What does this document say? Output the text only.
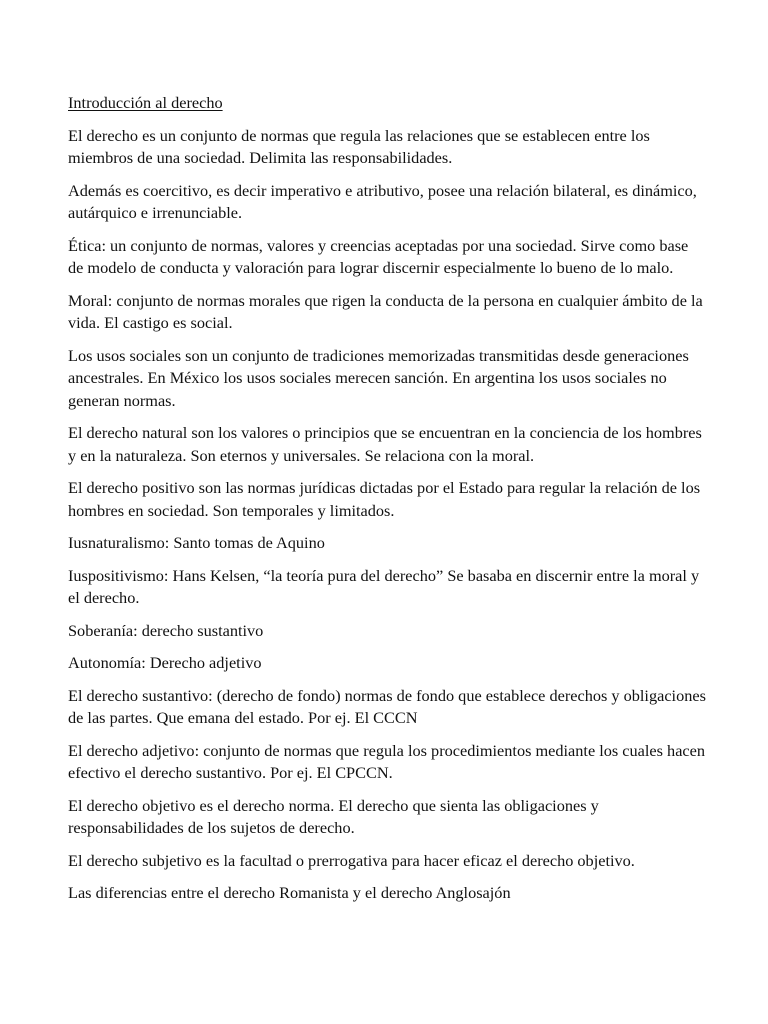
Introducción al derecho

El derecho es un conjunto de normas que regula las relaciones que se establecen entre los miembros de una sociedad. Delimita las responsabilidades.

Además es coercitivo, es decir imperativo e atributivo, posee una relación bilateral, es dinámico, autárquico e irrenunciable.

Ética: un conjunto de normas, valores y creencias aceptadas por una sociedad. Sirve como base de modelo de conducta y valoración para lograr discernir especialmente lo bueno de lo malo.

Moral: conjunto de normas morales que rigen la conducta de la persona en cualquier ámbito de la vida. El castigo es social.

Los usos sociales son un conjunto de tradiciones memorizadas transmitidas desde generaciones ancestrales. En México los usos sociales merecen sanción. En argentina los usos sociales no generan normas.

El derecho natural son los valores o principios que se encuentran en la conciencia de los hombres y en la naturaleza. Son eternos y universales. Se relaciona con la moral.

El derecho positivo son las normas jurídicas dictadas por el Estado para regular la relación de los hombres en sociedad. Son temporales y limitados.

Iusnaturalismo: Santo tomas de Aquino

Iuspositivismo: Hans Kelsen, “la teoría pura del derecho” Se basaba en discernir entre la moral y el derecho.

Soberanía: derecho sustantivo

Autonomía: Derecho adjetivo

El derecho sustantivo: (derecho de fondo) normas de fondo que establece derechos y obligaciones de las partes. Que emana del estado. Por ej. El CCCN

El derecho adjetivo: conjunto de normas que regula los procedimientos mediante los cuales hacen efectivo el derecho sustantivo. Por ej. El CPCCN.

El derecho objetivo es el derecho norma. El derecho que sienta las obligaciones y responsabilidades de los sujetos de derecho.

El derecho subjetivo es la facultad o prerrogativa para hacer eficaz el derecho objetivo.

Las diferencias entre el derecho Romanista y el derecho Anglosajón
